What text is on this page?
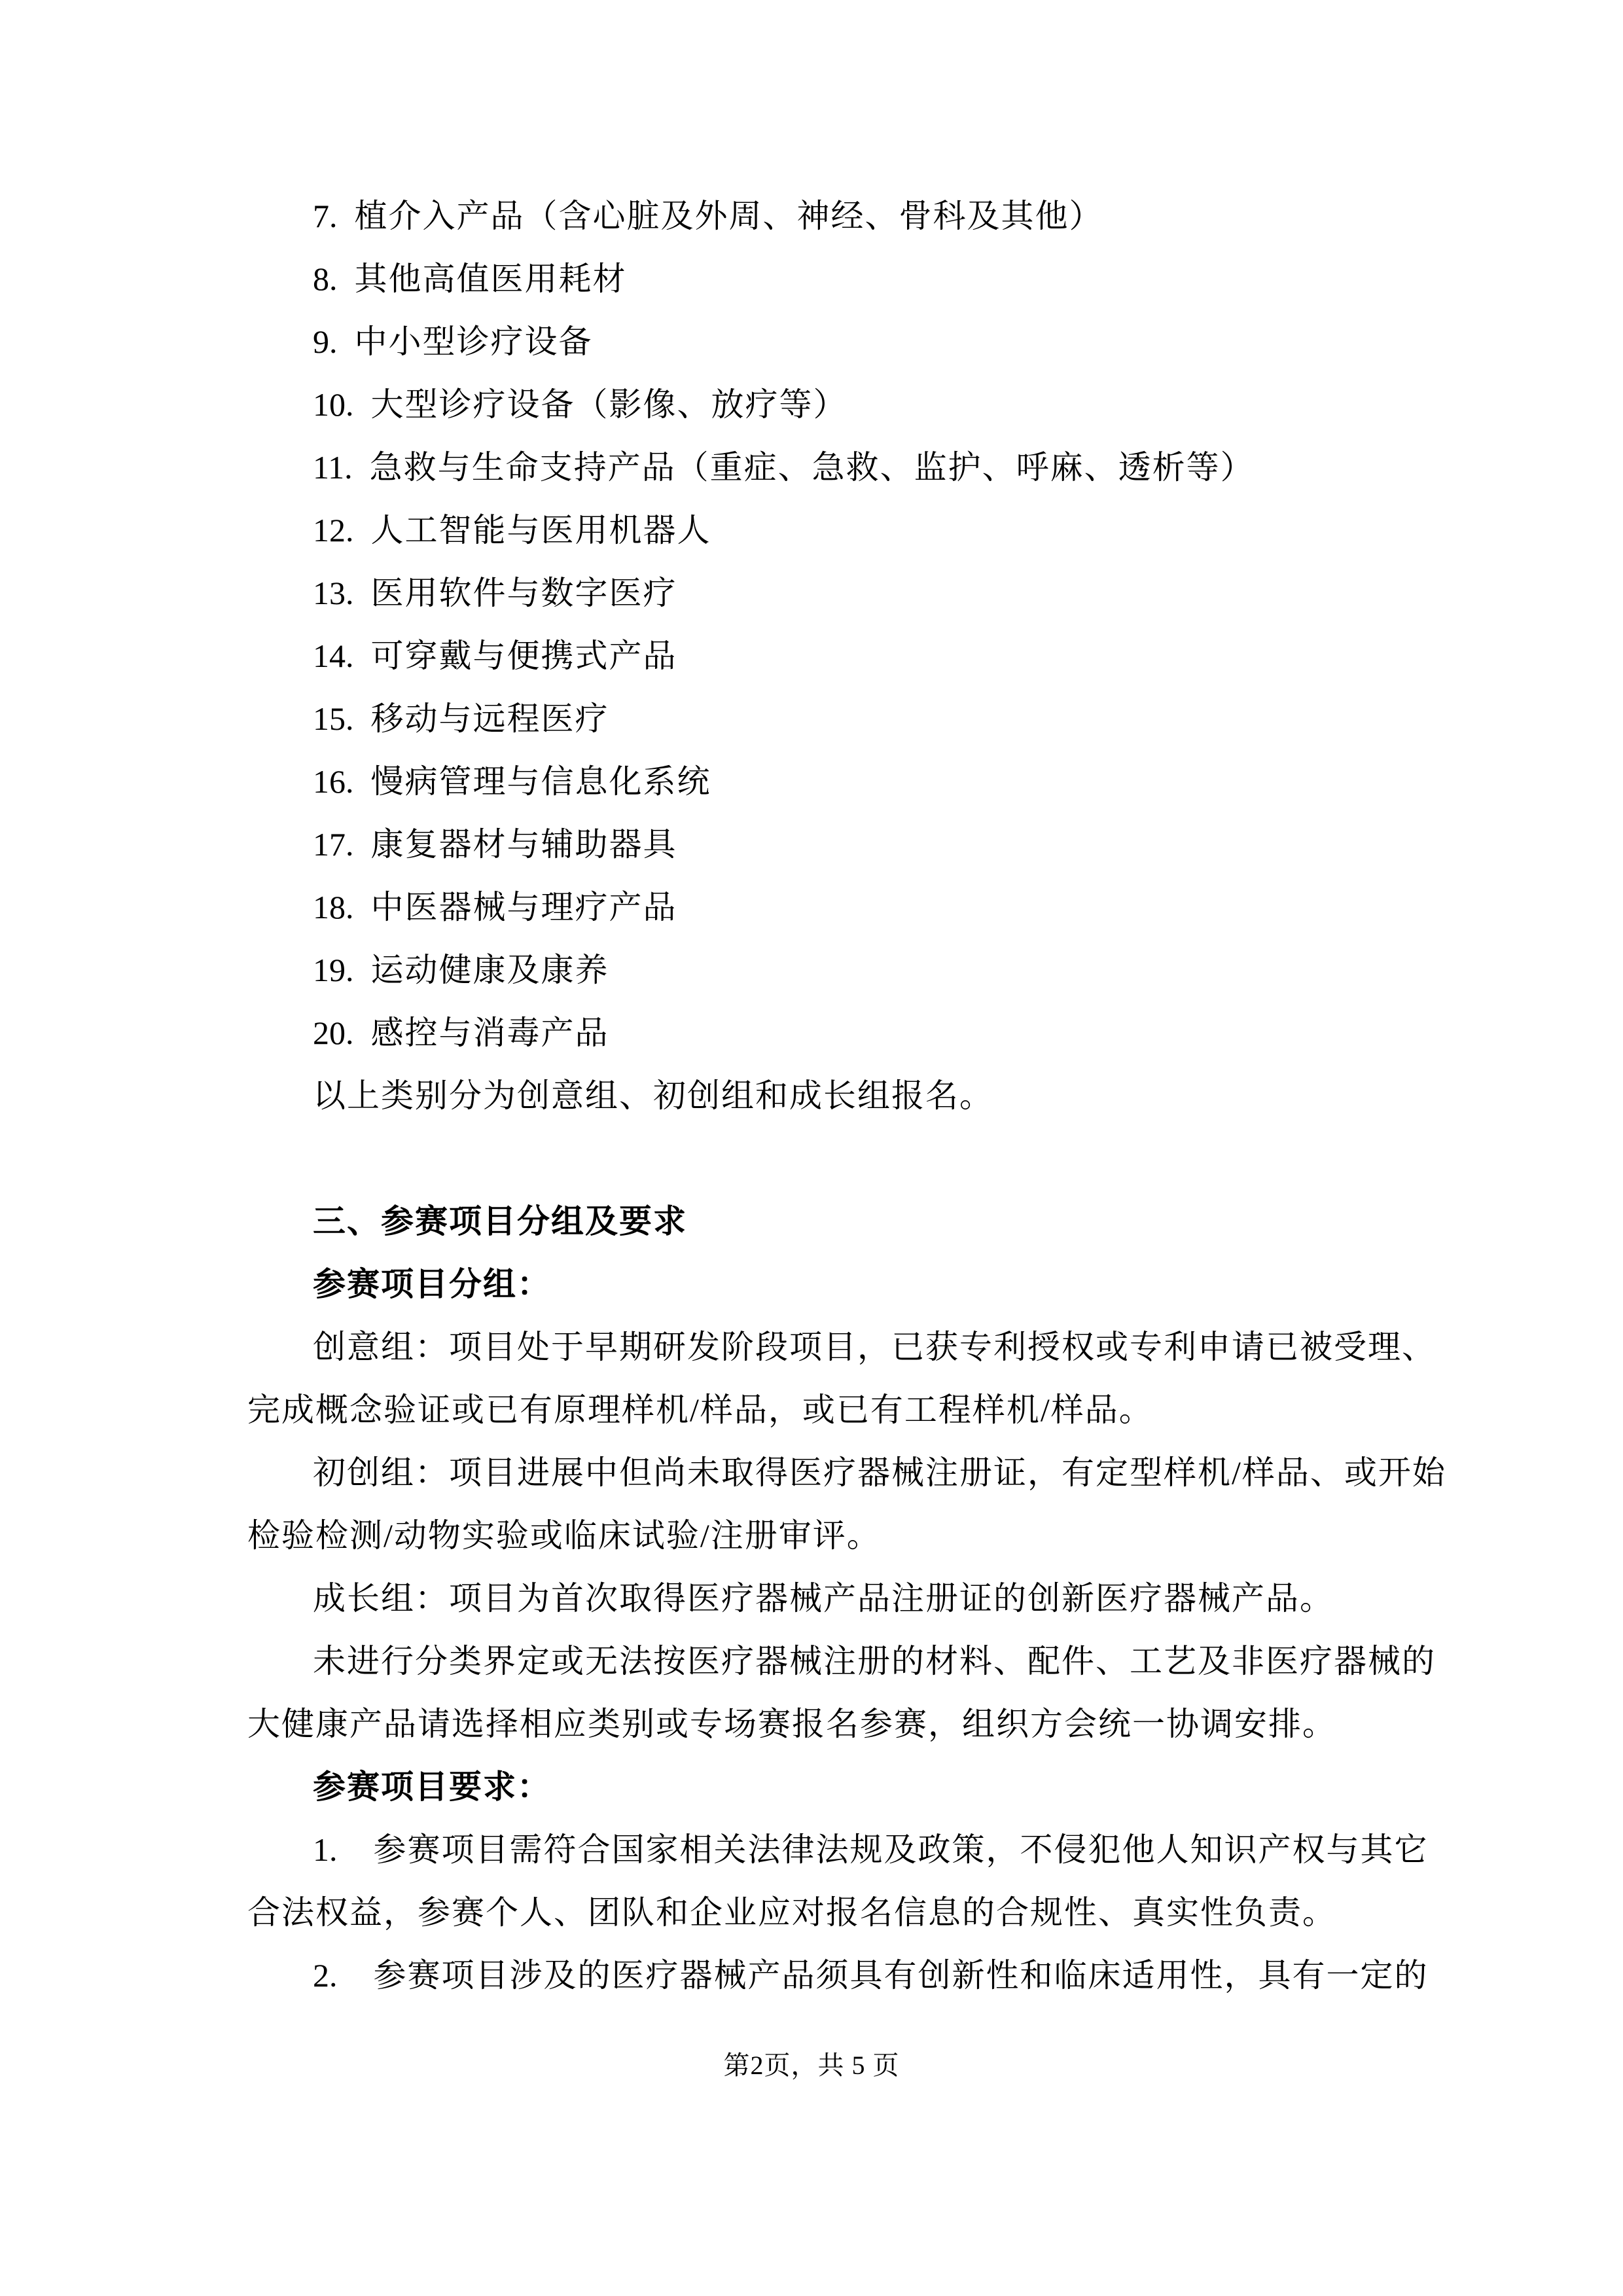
7. 植介入产品（含心脏及外周、神经、骨科及其他）
8. 其他高值医用耗材
9. 中小型诊疗设备
10. 大型诊疗设备（影像、放疗等）
11. 急救与生命支持产品（重症、急救、监护、呼麻、透析等）
12. 人工智能与医用机器人
13. 医用软件与数字医疗
14. 可穿戴与便携式产品
15. 移动与远程医疗
16. 慢病管理与信息化系统
17. 康复器材与辅助器具
18. 中医器械与理疗产品
19. 运动健康及康养
20. 感控与消毒产品
以上类别分为创意组、初创组和成长组报名。
三、参赛项目分组及要求
参赛项目分组：
创意组：项目处于早期研发阶段项目，已获专利授权或专利申请已被受理、
完成概念验证或已有原理样机/样品，或已有工程样机/样品。
初创组：项目进展中但尚未取得医疗器械注册证，有定型样机/样品、或开始
检验检测/动物实验或临床试验/注册审评。
成长组：项目为首次取得医疗器械产品注册证的创新医疗器械产品。
未进行分类界定或无法按医疗器械注册的材料、配件、工艺及非医疗器械的
大健康产品请选择相应类别或专场赛报名参赛，组织方会统一协调安排。
参赛项目要求：
1. 参赛项目需符合国家相关法律法规及政策，不侵犯他人知识产权与其它
合法权益，参赛个人、团队和企业应对报名信息的合规性、真实性负责。
2. 参赛项目涉及的医疗器械产品须具有创新性和临床适用性，具有一定的
第2页，共 5 页
